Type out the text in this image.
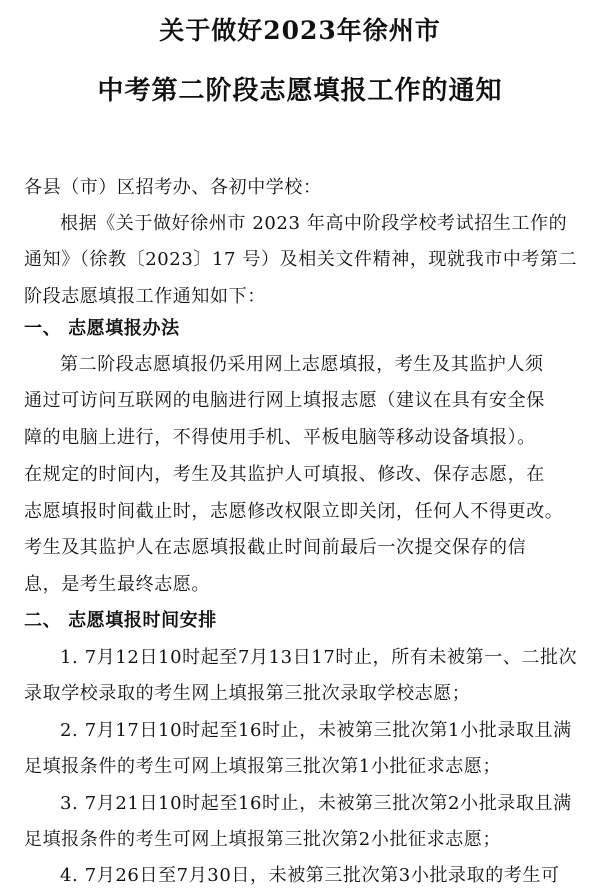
关于做好2023年徐州市
中考第二阶段志愿填报工作的通知
各县（市）区招考办、各初中学校：
根据《关于做好徐州市 2023 年高中阶段学校考试招生工作的
通知》（徐教〔2023〕17 号）及相关文件精神，现就我市中考第二
阶段志愿填报工作通知如下：
一、 志愿填报办法
第二阶段志愿填报仍采用网上志愿填报，考生及其监护人须
通过可访问互联网的电脑进行网上填报志愿（建议在具有安全保
障的电脑上进行，不得使用手机、平板电脑等移动设备填报）。
在规定的时间内，考生及其监护人可填报、修改、保存志愿，在
志愿填报时间截止时，志愿修改权限立即关闭，任何人不得更改。
考生及其监护人在志愿填报截止时间前最后一次提交保存的信
息，是考生最终志愿。
二、 志愿填报时间安排
1. 7月12日10时起至7月13日17时止，所有未被第一、二批次
录取学校录取的考生网上填报第三批次录取学校志愿；
2. 7月17日10时起至16时止，未被第三批次第1小批录取且满
足填报条件的考生可网上填报第三批次第1小批征求志愿；
3. 7月21日10时起至16时止，未被第三批次第2小批录取且满
足填报条件的考生可网上填报第三批次第2小批征求志愿；
4. 7月26日至7月30日，未被第三批次第3小批录取的考生可
